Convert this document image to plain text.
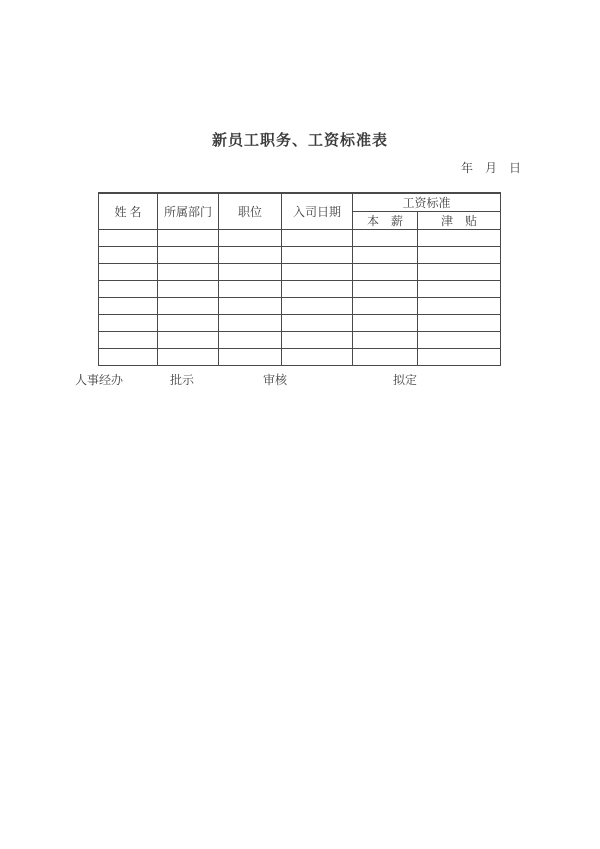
新员工职务、工资标准表
年　月　日
姓 名	所属部门	职位	入司日期	工资标准	
				本　薪	津　贴

人事经办	批示	审核	拟定
